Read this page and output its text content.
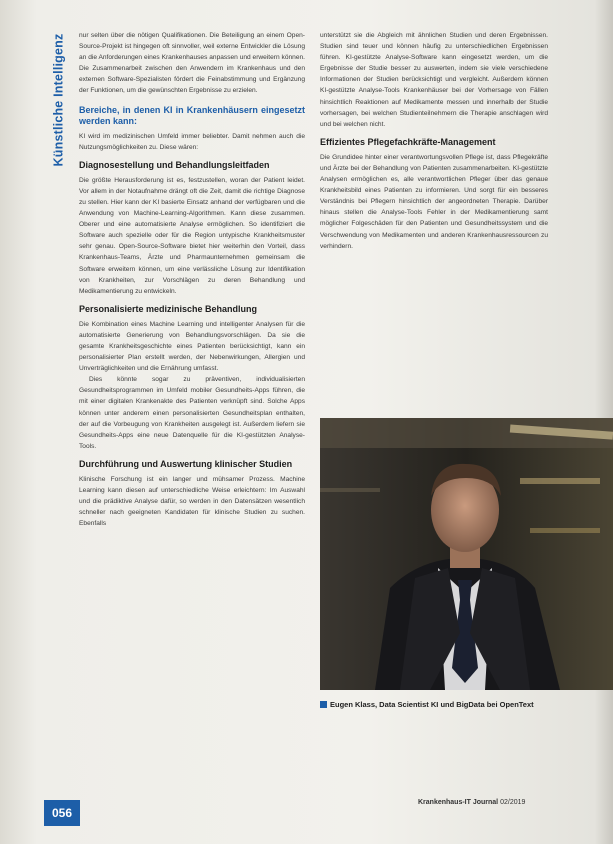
Künstliche Intelligenz nur selten über die nötigen Qualifikationen. Die Beteiligung an einem Open-Source-Projekt ist hingegen oft sinnvoller, weil externe Entwickler die Lösung an die Anforderungen eines Krankenhauses anpassen und erweitern können. Die Zusammenarbeit zwischen den Anwendern im Krankenhaus und den externen Software-Spezialisten fördert die Feinabstimmung und Ergänzung der Funktionen, um die gewünschten Ergebnisse zu erzielen.

Bereiche, in denen KI in Krankenhäusern eingesetzt werden kann:

KI wird im medizinischen Umfeld immer beliebter. Damit nehmen auch die Nutzungsmöglichkeiten zu. Diese wären:

Diagnosestellung und Behandlungsleitfaden

Die größte Herausforderung ist es, festzustellen, woran der Patient leidet. Vor allem in der Notaufnahme drängt oft die Zeit, damit die richtige Diagnose zu stellen. Hier kann der KI basierte Einsatz anhand der verfügbaren und die Anwendung von Machine-Learning-Algorithmen. Kann diese zusammen. Oberer und eine automatisierte Analyse ermöglichen. So identifiziert die Software auch spezielle oder für die Region untypische Krankheitsmuster sehr genau. Open-Source-Software bietet hier weiterhin den Vorteil, dass Krankenhaus-Teams, Ärzte und Pharmaunternehmen gemeinsam die Software erweitern können, um eine verlässliche Lösung zur Identifikation von Krankheiten, zur Vorschlägen zu deren Behandlung und Medikamentierung zu entwickeln.

Personalisierte medizinische Behandlung

Die Kombination eines Machine Learning und intelligenter Analysen für die automatisierte Generierung von Behandlungsvorschlägen. Da sie die gesamte Krankheitsgeschichte eines Patienten berücksichtigt, kann ein personalisierter Plan erstellt werden, der Nebenwirkungen, Allergien und Unverträglichkeiten und die Ernährung umfasst.

Dies könnte sogar zu präventiven, individualisierten Gesundheitsprogrammen im Umfeld mobiler Gesundheits-Apps führen, die mit einer digitalen Krankenakte des Patienten verknüpft sind. Solche Apps können unter anderem einen personalisierten Gesundheitsplan enthalten, der auf die Vorbeugung von Krankheiten ausgelegt ist. Außerdem liefern sie Gesundheits-Apps eine neue Datenquelle für die KI-gestützten Analyse-Tools.

Durchführung und Auswertung klinischer Studien

Klinische Forschung ist ein langer und mühsamer Prozess. Machine Learning kann diesen auf unterschiedliche Weise erleichtern: Im Auswahl und die prädiktive Analyse dafür, so werden in den Datensätzen wesentlich schneller nach geeigneten Kandidaten für klinische Studien zu suchen. Ebenfalls

unterstützt sie die Abgleich mit ähnlichen Studien und deren Ergebnissen. Studien sind teuer und können häufig zu unterschiedlichen Ergebnissen führen. KI-gestützte Analyse-Software kann eingesetzt werden, um die Ergebnisse der Studie besser zu auswerten, indem sie viele verschiedene Informationen der Studien berücksichtigt und vergleicht. Außerdem können KI-gestützte Analyse-Tools Krankenhäuser bei der Vorhersage von Fällen hinsichtlich Reaktionen auf Medikamente messen und innerhalb der Studie vorhersagen, bei welchen Studienteilnehmern die Therapie anschlagen wird und bei welchen nicht.

Effizientes Pflegefachkräfte-Management

Die Grundidee hinter einer verantwortungsvollen Pflege ist, dass Pflegekräfte und Ärzte bei der Behandlung von Patienten zusammenarbeiten. KI-gestützte Analysen ermöglichen es, alle verantwortlichen Pfleger über das genaue Krankheitsbild eines Patienten zu informieren. Und sorgt für ein besseres Verständnis bei Pflegern hinsichtlich der angeordneten Therapie. Darüber hinaus stellen die Analyse-Tools Fehler in der Medikamentierung samt möglicher Folgeschäden für den Patienten und Gesundheitssystem und die Verschwendung von Medikamenten und anderen Krankenhausressourcen zu verhindern.

Eugen Klass, Data Scientist KI und BigData bei OpenText
056
Krankenhaus-IT Journal 02/2019
